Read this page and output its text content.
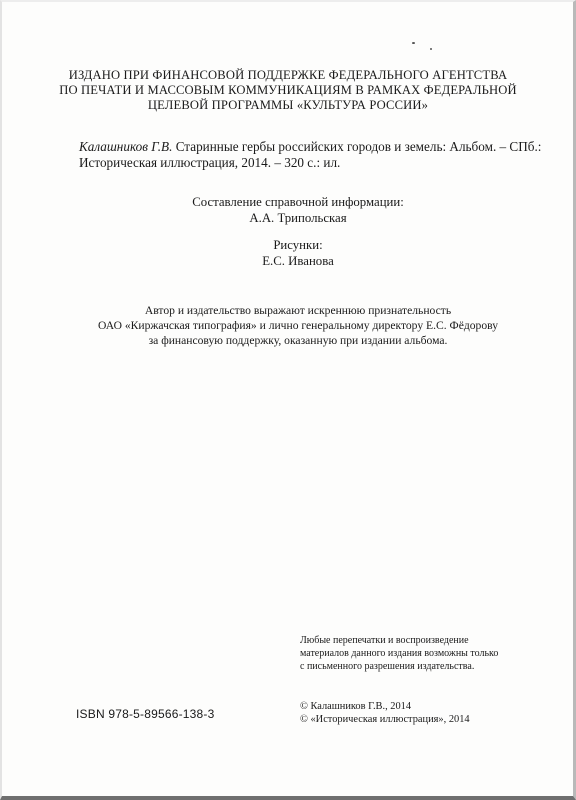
ИЗДАНО ПРИ ФИНАНСОВОЙ ПОДДЕРЖКЕ ФЕДЕРАЛЬНОГО АГЕНТСТВА
ПО ПЕЧАТИ И МАССОВЫМ КОММУНИКАЦИЯМ В РАМКАХ ФЕДЕРАЛЬНОЙ
ЦЕЛЕВОЙ ПРОГРАММЫ «КУЛЬТУРА РОССИИ»
Калашников Г.В. Старинные гербы российских городов и земель: Альбом. – СПб.:
Историческая иллюстрация, 2014. – 320 с.: ил.
Составление справочной информации:
А.А. Трипольская
Рисунки:
Е.С. Иванова
Автор и издательство выражают искреннюю признательность
ОАО «Киржачская типография» и лично генеральному директору Е.С. Фёдорову
за финансовую поддержку, оказанную при издании альбома.
Любые перепечатки и воспроизведение
материалов данного издания возможны только
с письменного разрешения издательства.
ISBN 978-5-89566-138-3
© Калашников Г.В., 2014
© «Историческая иллюстрация», 2014
